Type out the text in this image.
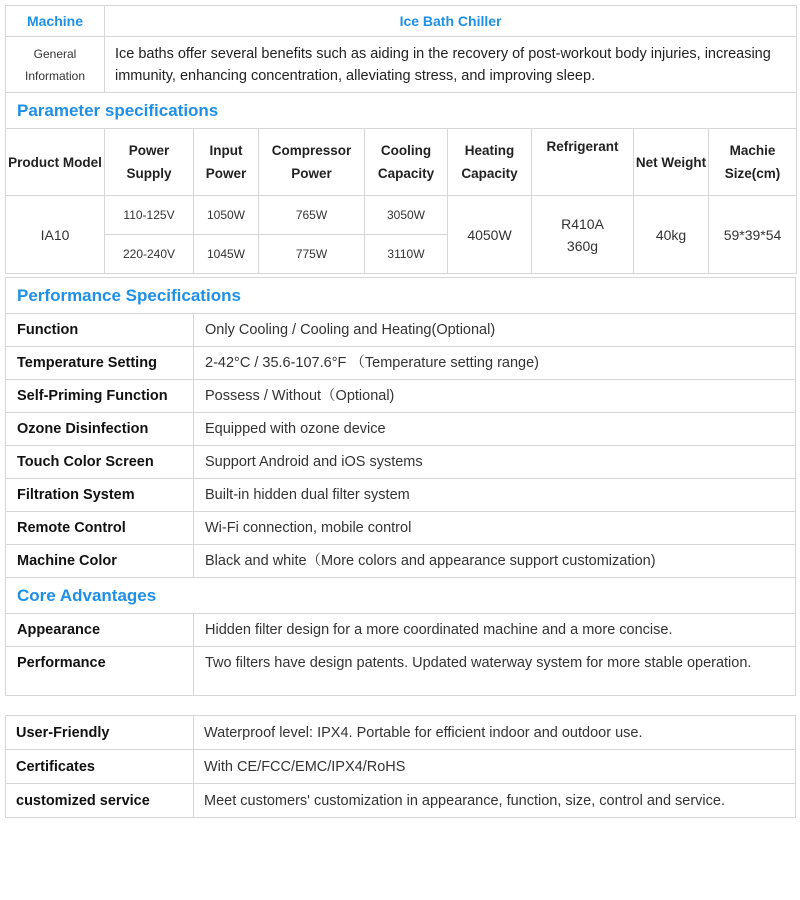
Machine	Ice Bath Chiller							
General Information	Ice baths offer several benefits such as aiding in the recovery of post-workout body injuries, increasing immunity, enhancing concentration, alleviating stress, and improving sleep.							
Parameter specifications								
Product Model	Power Supply	Input Power	Compressor Power	Cooling Capacity	Heating Capacity	Refrigerant	Net Weight	Machie Size(cm)
IA10	110-125V	1050W	765W	3050W	4050W	R410A 360g	40kg	59*39*54
	220-240V	1045W	775W	3110W				
Performance Specifications	
Function	Only Cooling / Cooling and Heating(Optional)
Temperature Setting	2-42°C / 35.6-107.6°F （Temperature setting range)
Self-Priming Function	Possess / Without（Optional)
Ozone Disinfection	Equipped with ozone device
Touch Color Screen	Support Android and iOS systems
Filtration System	Built-in hidden dual filter system
Remote Control	Wi-Fi connection, mobile control
Machine Color	Black and white（More colors and appearance support customization)
Core Advantages	
Appearance	Hidden filter design for a more coordinated machine and a more concise.
Performance	Two filters have design patents. Updated waterway system for more stable operation.
User-Friendly	Waterproof level: IPX4. Portable for efficient indoor and outdoor use.
Certificates	With CE/FCC/EMC/IPX4/RoHS
customized service	Meet customers' customization in appearance, function, size, control and service.
